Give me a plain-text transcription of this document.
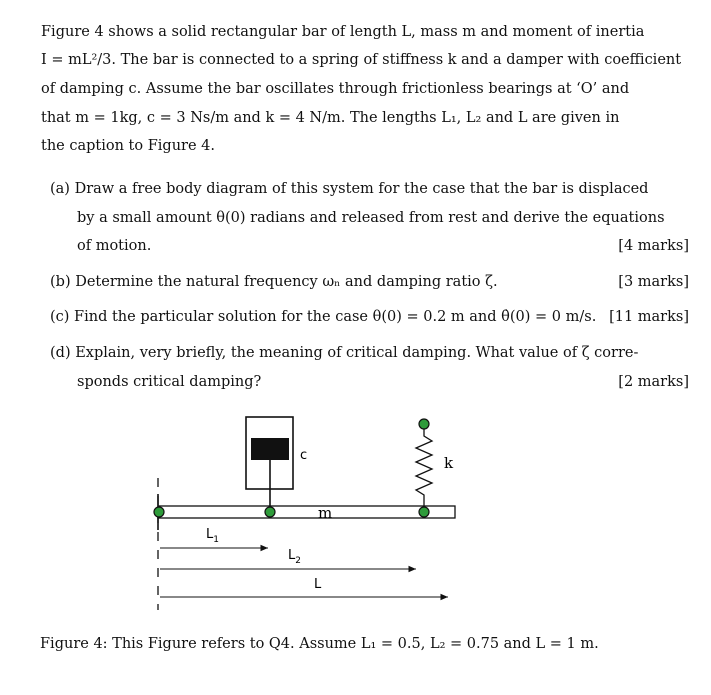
Figure 4 shows a solid rectangular bar of length L, mass m and moment of inertia
I = mL²/3. The bar is connected to a spring of stiffness k and a damper with coefficient
of damping c. Assume the bar oscillates through frictionless bearings at ‘O’ and
that m = 1kg, c = 3 Ns/m and k = 4 N/m. The lengths L₁, L₂ and L are given in
the caption to Figure 4.
(a) Draw a free body diagram of this system for the case that the bar is displaced
by a small amount θ(0) radians and released from rest and derive the equations
of motion.	[4 marks]
(b) Determine the natural frequency ωₙ and damping ratio ζ.	[3 marks]
(c) Find the particular solution for the case θ(0) = 0.2 m and θ̇(0) = 0 m/s. [11 marks]
(d) Explain, very briefly, the meaning of critical damping. What value of ζ corre-
sponds critical damping?	[2 marks]
c	k
m
$L_1$
$L_2$
L
Figure 4: This Figure refers to Q4. Assume L₁ = 0.5, L₂ = 0.75 and L = 1 m.
